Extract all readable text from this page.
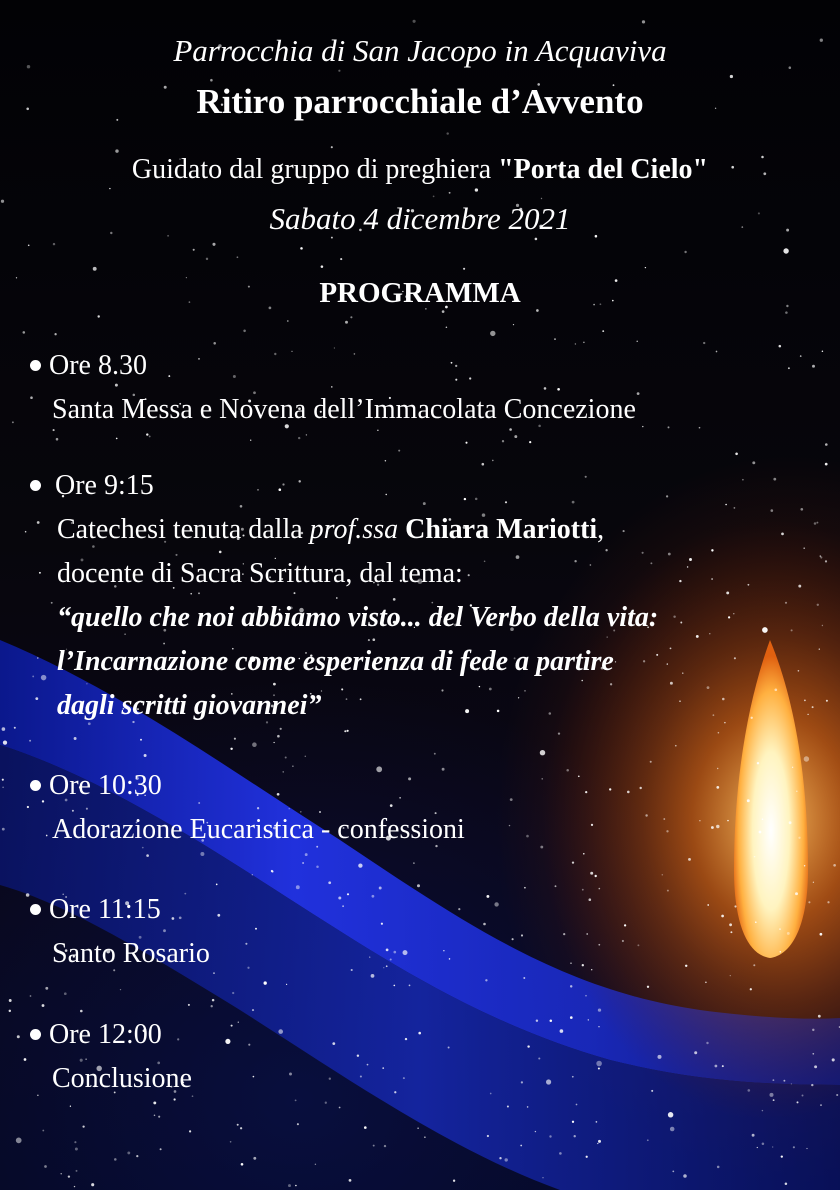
Parrocchia di San Jacopo in Acquaviva
Ritiro parrocchiale d’Avvento
Guidato dal gruppo di preghiera "Porta del Cielo"
Sabato 4 dicembre 2021
PROGRAMMA
Ore 8.30
Santa Messa e Novena dell’Immacolata Concezione
Ore 9:15
Catechesi tenuta dalla prof.ssa Chiara Mariotti,
docente di Sacra Scrittura, dal tema:
“quello che noi abbiamo visto... del Verbo della vita:
l’Incarnazione come esperienza di fede a partire
dagli scritti giovannei”
Ore 10:30
Adorazione Eucaristica - confessioni
Ore 11:15
Santo Rosario
Ore 12:00
Conclusione
